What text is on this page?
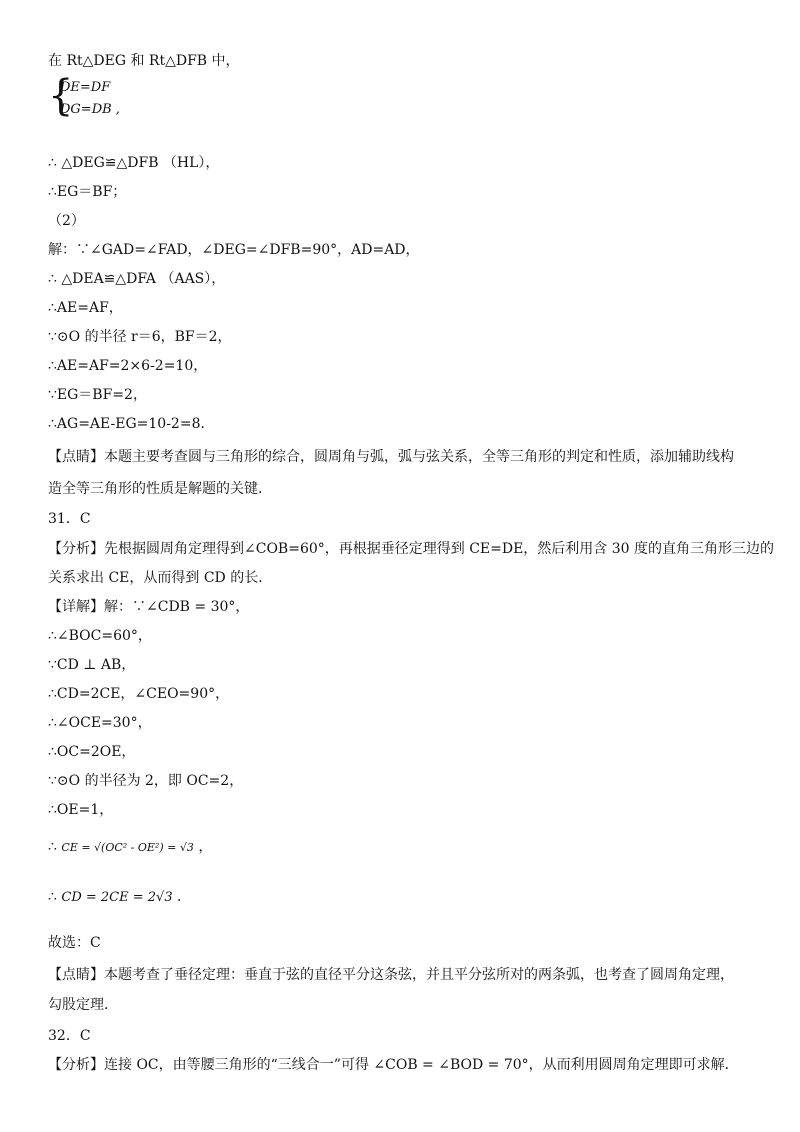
在 Rt△DEG 和 Rt△DFB 中，
{
DE=DF
DG=DB ,
∴ △DEG≌△DFB （HL），
∴EG＝BF；
（2）
解：∵∠GAD=∠FAD，∠DEG=∠DFB=90°，AD=AD，
∴ △DEA≌△DFA （AAS），
∴AE=AF，
∵⊙O 的半径 r＝6，BF＝2，
∴AE=AF=2×6-2=10，
∵EG＝BF=2，
∴AG=AE-EG=10-2=8．
【点睛】本题主要考查圆与三角形的综合，圆周角与弧，弧与弦关系，全等三角形的判定和性质，添加辅助线构
造全等三角形的性质是解题的关键．
31．C
【分析】先根据圆周角定理得到∠COB=60°，再根据垂径定理得到 CE=DE，然后利用含 30 度的直角三角形三边的
关系求出 CE，从而得到 CD 的长．
【详解】解：∵∠CDB = 30°，
∴∠BOC=60°，
∵CD ⊥ AB，
∴CD=2CE，∠CEO=90°，
∴∠OCE=30°，
∴OC=2OE，
∵⊙O 的半径为 2，即 OC=2，
∴OE=1，
∴ CE = √(OC² - OE²) = √3 ，
∴ CD = 2CE = 2√3 ．
故选：C
【点睛】本题考查了垂径定理：垂直于弦的直径平分这条弦，并且平分弦所对的两条弧，也考查了圆周角定理，
勾股定理．
32．C
【分析】连接 OC，由等腰三角形的“三线合一”可得 ∠COB = ∠BOD = 70°，从而利用圆周角定理即可求解．
